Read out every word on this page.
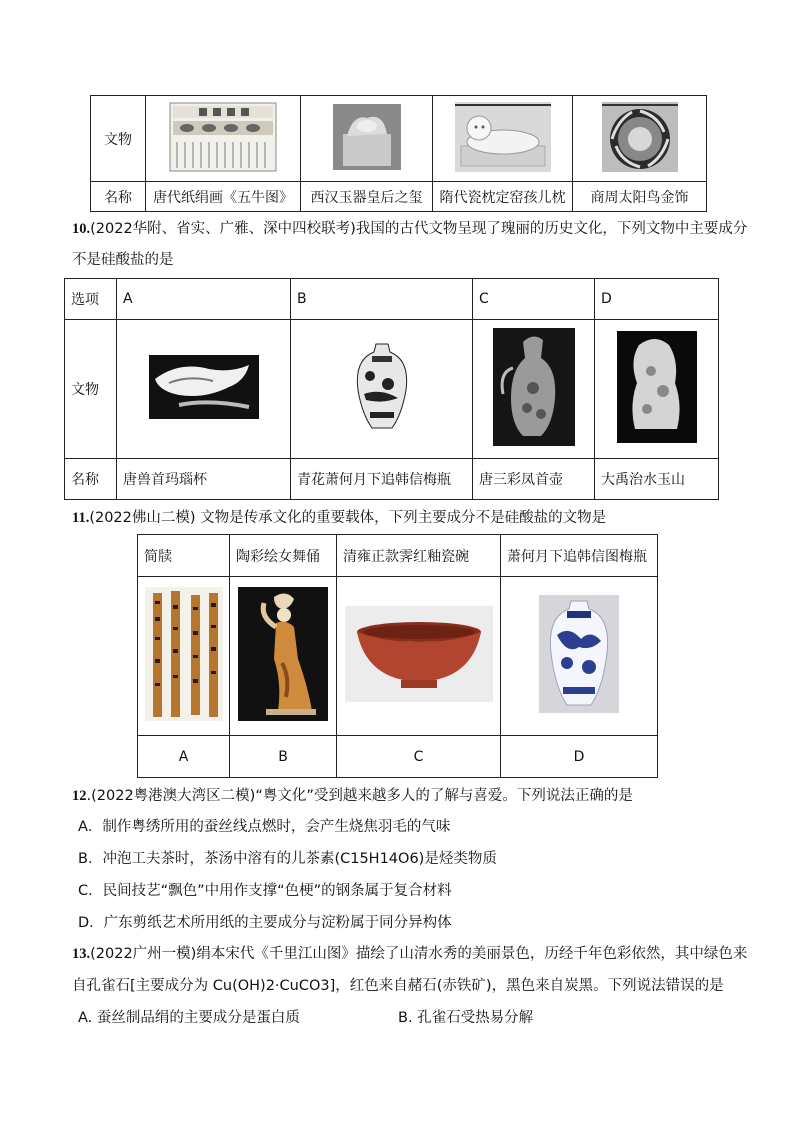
文物				
名称	唐代纸绢画《五牛图》	西汉玉器皇后之玺	隋代瓷枕定窑孩儿枕	商周太阳鸟金饰
10.(2022华附、省实、广雅、深中四校联考)我国的古代文物呈现了瑰丽的历史文化，下列文物中主要成分
不是硅酸盐的是
选项	A	B	C	D
文物				
名称	唐兽首玛瑙杯	青花萧何月下追韩信梅瓶	唐三彩凤首壶	大禹治水玉山
11.(2022佛山二模) 文物是传承文化的重要载体，下列主要成分不是硅酸盐的文物是
简牍	陶彩绘女舞俑	清雍正款霁红釉瓷碗	萧何月下追韩信图梅瓶

A	B	C	D
12.(2022粤港澳大湾区二模)“粤文化”受到越来越多人的了解与喜爱。下列说法正确的是
A．制作粤绣所用的蚕丝线点燃时，会产生烧焦羽毛的气味
B．冲泡工夫茶时，茶汤中溶有的儿茶素(C15H14O6)是烃类物质
C．民间技艺“飘色”中用作支撑“色梗”的钢条属于复合材料
D．广东剪纸艺术所用纸的主要成分与淀粉属于同分异构体
13.(2022广州一模)绢本宋代《千里江山图》描绘了山清水秀的美丽景色，历经千年色彩依然，其中绿色来
自孔雀石[主要成分为 Cu(OH)2·CuCO3]，红色来自赭石(赤铁矿)，黑色来自炭黑。下列说法错误的是
A. 蚕丝制品绢的主要成分是蛋白质	B. 孔雀石受热易分解
